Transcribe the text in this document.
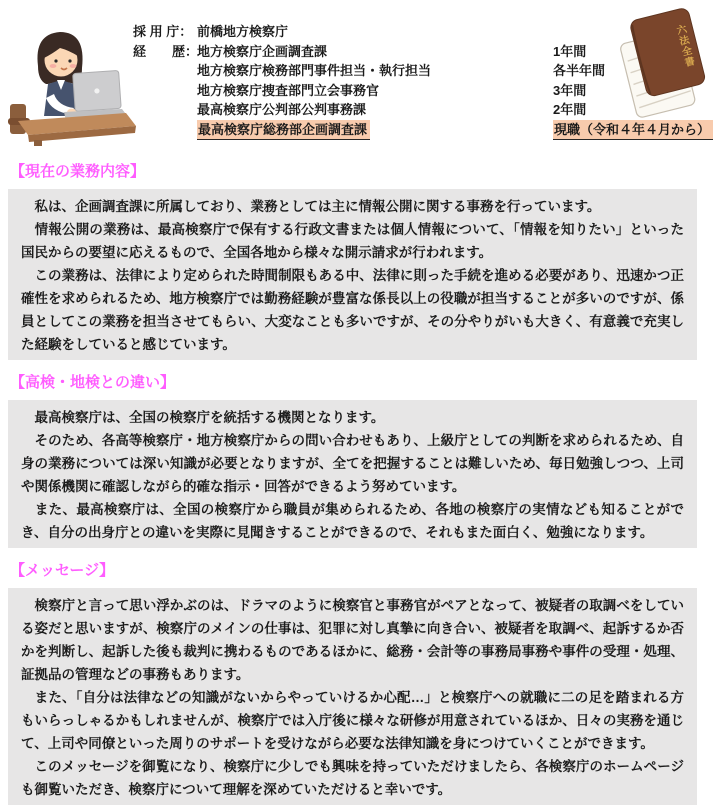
採 用 庁： 前橋地方検察庁
経　　歴：
地方検察庁企画調査課	1年間
地方検察庁検務部門事件担当・執行担当	各半年間
地方検察庁捜査部門立会事務官	3年間
最高検察庁公判部公判事務課	2年間
最高検察庁総務部企画調査課	現職（令和４年４月から）
六法全書
【現在の業務内容】

　私は、企画調査課に所属しており、業務としては主に情報公開に関する事務を行っています。

　情報公開の業務は、最高検察庁で保有する行政文書または個人情報について、「情報を知りたい」といった国民からの要望に応えるもので、全国各地から様々な開示請求が行われます。

　この業務は、法律により定められた時間制限もある中、法律に則った手続を進める必要があり、迅速かつ正確性を求められるため、地方検察庁では勤務経験が豊富な係長以上の役職が担当することが多いのですが、係員としてこの業務を担当させてもらい、大変なことも多いですが、その分やりがいも大きく、有意義で充実した経験をしていると感じています。

【高検・地検との違い】

　最高検察庁は、全国の検察庁を統括する機関となります。

　そのため、各高等検察庁・地方検察庁からの問い合わせもあり、上級庁としての判断を求められるため、自身の業務については深い知識が必要となりますが、全てを把握することは難しいため、毎日勉強しつつ、上司や関係機関に確認しながら的確な指示・回答ができるよう努めています。

　また、最高検察庁は、全国の検察庁から職員が集められるため、各地の検察庁の実情なども知ることができ、自分の出身庁との違いを実際に見聞きすることができるので、それもまた面白く、勉強になります。

【メッセージ】

　検察庁と言って思い浮かぶのは、ドラマのように検察官と事務官がペアとなって、被疑者の取調べをしている姿だと思いますが、検察庁のメインの仕事は、犯罪に対し真摯に向き合い、被疑者を取調べ、起訴するか否かを判断し、起訴した後も裁判に携わるものであるほかに、総務・会計等の事務局事務や事件の受理・処理、証拠品の管理などの事務もあります。

　また、「自分は法律などの知識がないからやっていけるか心配…」と検察庁への就職に二の足を踏まれる方もいらっしゃるかもしれませんが、検察庁では入庁後に様々な研修が用意されているほか、日々の実務を通じて、上司や同僚といった周りのサポートを受けながら必要な法律知識を身につけていくことができます。

　このメッセージを御覧になり、検察庁に少しでも興味を持っていただけましたら、各検察庁のホームページも御覧いただき、検察庁について理解を深めていただけると幸いです。
